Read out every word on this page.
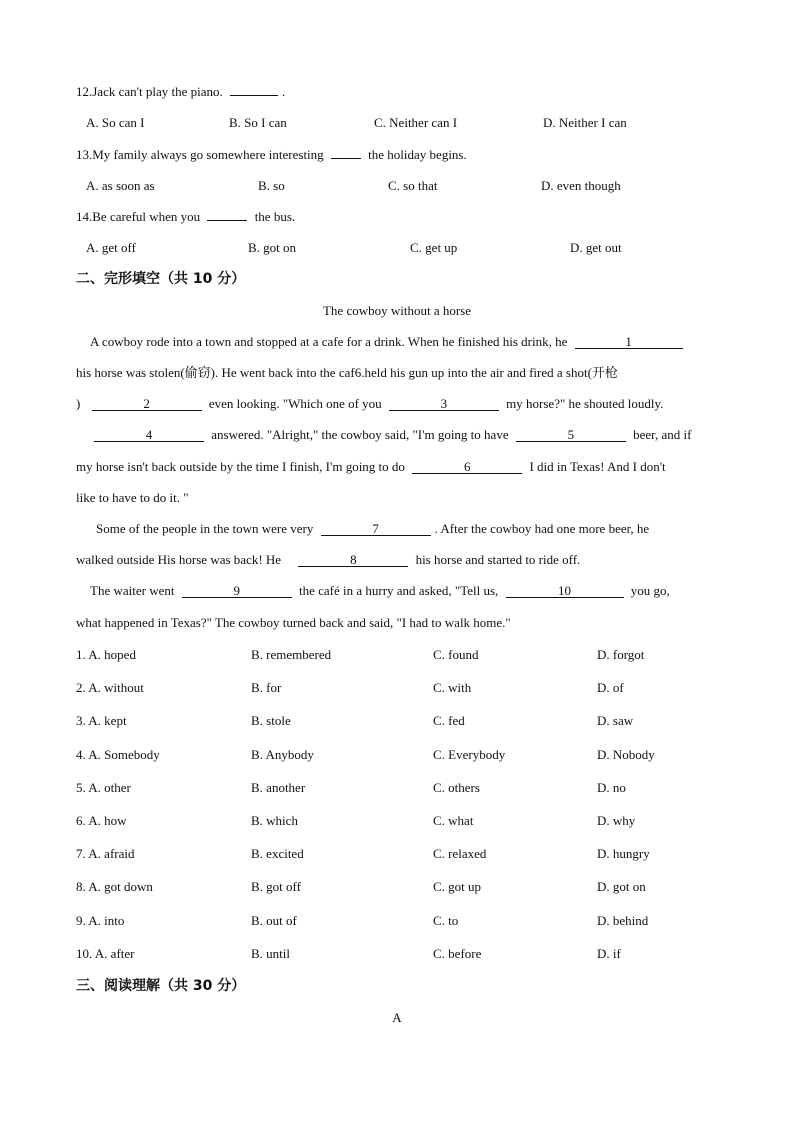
12.Jack can't play the piano.	.
A. So can I	B. So I can	C. Neither can I	D. Neither I can
13.My family always go somewhere interesting	the holiday begins.
A. as soon as	B. so	C. so that	D. even though
14.Be careful when you	the bus.
A. get off	B. got on	C. get up	D. get out
二、完形填空（共 10 分）
The cowboy without a horse
A cowboy rode into a town and stopped at a cafe for a drink. When he finished his drink, he	1
his horse was stolen(偷窃). He went back into the caf6.held his gun up into the air and fired a shot(开枪
)	2	even looking. "Which one of you	3	my horse?" he shouted loudly.
4	answered. "Alright," the cowboy said, "I'm going to have	5	beer, and if
my horse isn't back outside by the time I finish, I'm going to do	6	I did in Texas! And I don't
like to have to do it. "
Some of the people in the town were very	7	. After the cowboy had one more beer, he
walked outside His horse was back! He	8	his horse and started to ride off.
The waiter went	9	the café in a hurry and asked, "Tell us,	10	you go,
what happened in Texas?" The cowboy turned back and said, "I had to walk home."
1. A. hoped	B. remembered	C. found	D. forgot
2. A. without	B. for	C. with	D. of
3. A. kept	B. stole	C. fed	D. saw
4. A. Somebody	B. Anybody	C. Everybody	D. Nobody
5. A. other	B. another	C. others	D. no
6. A. how	B. which	C. what	D. why
7. A. afraid	B. excited	C. relaxed	D. hungry
8. A. got down	B. got off	C. got up	D. got on
9. A. into	B. out of	C. to	D. behind
10. A. after	B. until	C. before	D. if
三、阅读理解（共 30 分）
A
